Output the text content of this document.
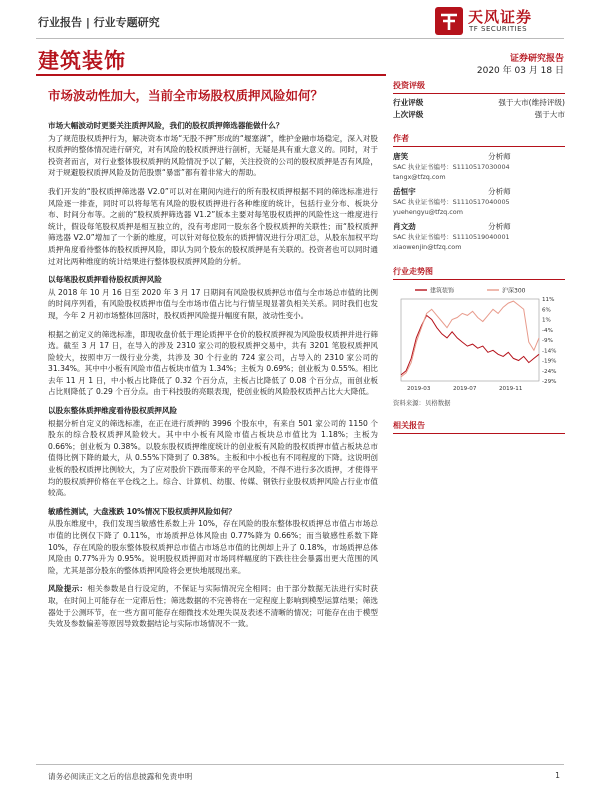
行业报告 | 行业专题研究	天风证券
TF SECURITIES
建筑装饰	证券研究报告
2020 年 03 月 18 日
市场波动性加大，当前全市场股权质押风险如何？
市场大幅波动时更要关注质押风险，我们的股权质押筛选器能做什么？

为了规范股权质押行为，解决资本市场“无股不押”形成的“堰塞湖”，维护金融市场稳定，深入对股权质押的整体情况进行研究，对有风险的股权质押进行剖析，无疑是具有重大意义的。同时，对于投资者而言，对行业整体股权质押的风险情况予以了解，关注投资的公司的股权质押是否有风险，对于规避股权质押风险及防范股票“暴雷”都有着非常大的帮助。

我们开发的“股权质押筛选器 V2.0”可以对在期间内进行的所有股权质押根据不同的筛选标准进行风险逐一排查，同时可以将每笔有风险的股权质押进行各种维度的统计，包括行业分布、板块分布、时间分布等。之前的“股权质押筛选器 V1.2”版本主要对每笔股权质押的风险性这一维度进行统计，假设每笔股权质押是相互独立的，没有考虑同一股东各个股权质押的关联性；而“股权质押筛选器 V2.0”增加了一个新的维度，可以针对每位股东的质押情况进行分项汇总，从股东加权平均质押角度看待整体的股权质押风险，即认为同个股东的股权质押是有关联的。投资者也可以同时通过对比两种维度的统计结果进行整体股权质押风险的分析。

以每笔股权质押看待股权质押风险

从 2018 年 10 月 16 日至 2020 年 3 月 17 日期间有风险股权质押总市值与全市场总市值的比例的时间序列看，有风险股权质押市值与全市场市值占比与行情呈现显著负相关关系。同时我们也发现，今年 2 月初市场整体回落时，股权质押风险提升幅度有限，波动性变小。

根据之前定义的筛选标准，即现收盘价低于理论质押平仓价的股权质押视为风险股权质押并进行筛选。截至 3 月 17 日，在导入的涉及 2310 家公司的股权质押交易中，共有 3201 笔股权质押风险较大，按照申万一级行业分类，共涉及 30 个行业的 724 家公司，占导入的 2310 家公司的 31.34%。其中中小板有风险市值占板块市值为 1.34%；主板为 0.69%；创业板为 0.55%。相比去年 11 月 1 日，中小板占比降低了 0.32 个百分点，主板占比降低了 0.08 个百分点，而创业板占比则降低了 0.29 个百分点。由于科技股的亮眼表现，使创业板的风险股权质押占比大大降低。

以股东整体质押维度看待股权质押风险

根据分析自定义的筛选标准，在正在进行质押的 3996 个股东中，有来自 501 家公司的 1150 个股东的综合股权质押风险较大。其中中小板有风险市值占板块总市值比为 1.18%；主板为 0.66%；创业板为 0.38%。以股东股权质押维度统计的创业板有风险的股权质押市值占板块总市值得比例下降的最大，从 0.55%下降到了 0.38%。主板和中小板也有不同程度的下降。这说明创业板的股权质押比例较大，为了应对股价下跌而带来的平仓风险，不得不进行多次质押，才使得平均的股权质押价格在平仓线之上。综合、计算机、纺服、传媒、钢铁行业股权质押风险占行业市值较高。

敏感性测试，大盘涨跌 10%情况下股权质押风险如何？

从股东维度中，我们发现当敏感性系数上升 10%，存在风险的股东整体股权质押总市值占市场总市值的比例仅下降了 0.11%，市场质押总体风险由 0.77%降为 0.66%；而当敏感性系数下降 10%，存在风险的股东整体股权质押总市值占市场总市值的比例却上升了 0.18%，市场质押总体风险由 0.77%升为 0.95%。说明股权质押面对市场同样幅度的下跌往往会暴露出更大范围的风险，尤其是部分股东的整体质押风险将会更快地展现出来。

风险提示：相关参数是自行设定的，不保证与实际情况完全相同；由于部分数据无法进行实时获取，在时间上可能存在一定滞后性；筛选数据的不完善将在一定程度上影响到模型运算结果；筛选器处于公测环节，在一些方面可能存在细微技术处理失误及表述不清晰的情况；可能存在由于模型失效及参数偏差等原因导致数据结论与实际市场情况不一致。

投资评级
行业评级	强于大市(维持评级)
上次评级	强于大市
作者
唐笑	分析师
SAC 执业证书编号：S1110517030004
tangx@tfzq.com
岳恒宇	分析师
SAC 执业证书编号：S1110517040005
yuehengyu@tfzq.com
肖文劲	分析师
SAC 执业证书编号：S1110519040001
xiaowenjin@tfzq.com
行业走势图
建筑装饰	沪深300
11%
6%
1%
-4%
-9%
-14%
-19%
-24%
-29%
2019-03	2019-07	2019-11
资料来源：贝格数据
相关报告
请务必阅读正文之后的信息披露和免责申明	1
